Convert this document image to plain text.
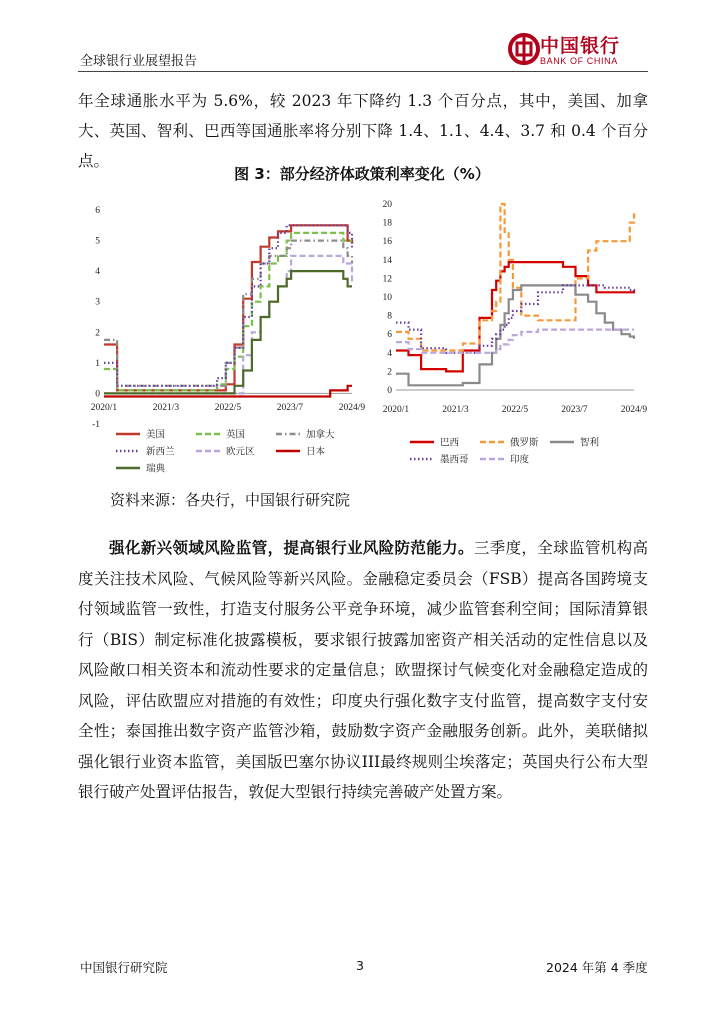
全球银行业展望报告
中国银行
BANK OF CHINA
年全球通胀水平为 5.6%，较 2023 年下降约 1.3 个百分点，其中，美国、加拿大、英国、智利、巴西等国通胀率将分别下降 1.4、1.1、4.4、3.7 和 0.4 个百分点。
图 3：部分经济体政策利率变化（%）
6
5
4
3
2
1
0
-1
2020/1	2021/3	2022/5	2023/7	2024/9
美国	英国	加拿大
新西兰	欧元区	日本
瑞典
20
18
16
14
12
10
8
6
4
2
0
2020/1	2021/3	2022/5	2023/7	2024/9
巴西	俄罗斯	智利
墨西哥	印度
资料来源：各央行，中国银行研究院
强化新兴领域风险监管，提高银行业风险防范能力。三季度，全球监管机构高度关注技术风险、气候风险等新兴风险。金融稳定委员会（FSB）提高各国跨境支付领域监管一致性，打造支付服务公平竞争环境，减少监管套利空间；国际清算银行（BIS）制定标准化披露模板，要求银行披露加密资产相关活动的定性信息以及风险敞口相关资本和流动性要求的定量信息；欧盟探讨气候变化对金融稳定造成的风险，评估欧盟应对措施的有效性；印度央行强化数字支付监管，提高数字支付安全性；泰国推出数字资产监管沙箱，鼓励数字资产金融服务创新。此外，美联储拟强化银行业资本监管，美国版巴塞尔协议III最终规则尘埃落定；英国央行公布大型银行破产处置评估报告，敦促大型银行持续完善破产处置方案。
中国银行研究院	3	2024 年第 4 季度
